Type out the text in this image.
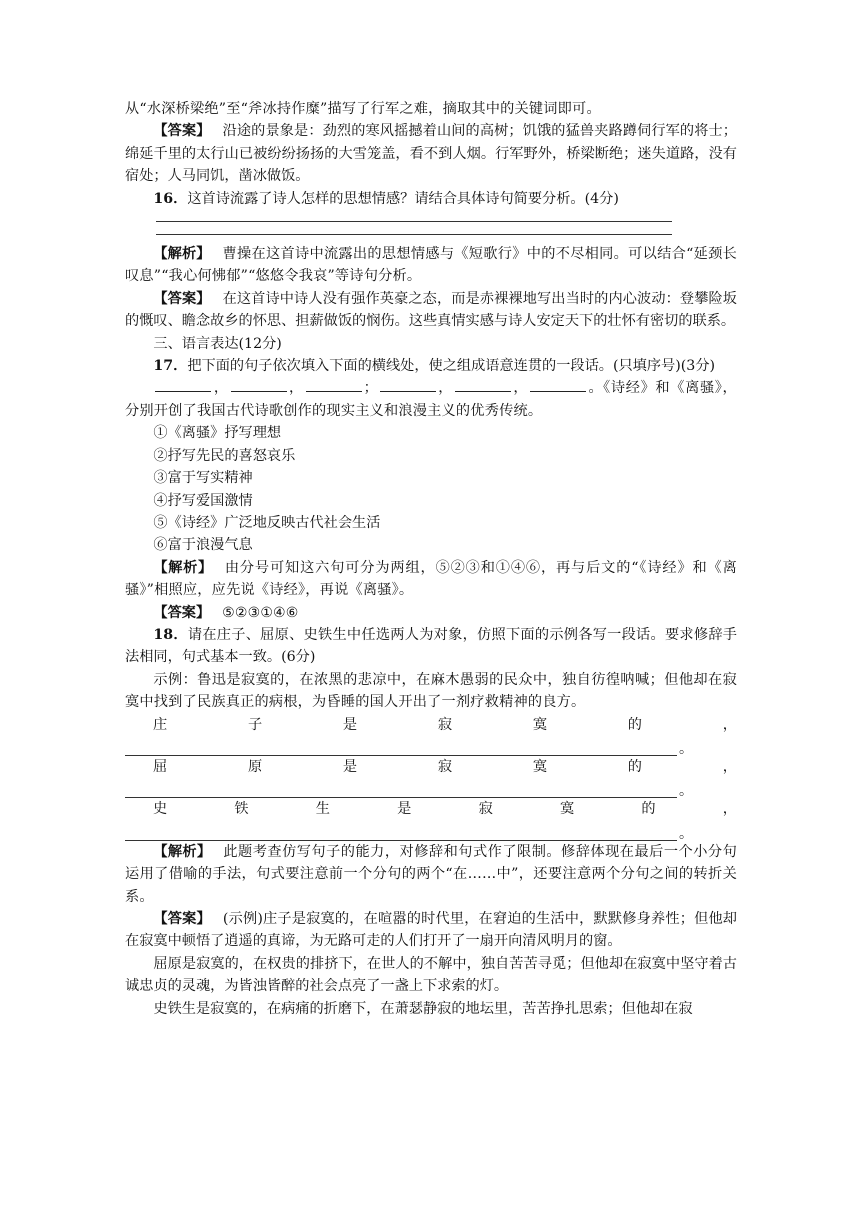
从“水深桥梁绝”至“斧冰持作糜”描写了行军之难，摘取其中的关键词即可。

【答案】 沿途的景象是：劲烈的寒风摇撼着山间的高树；饥饿的猛兽夹路蹲伺行军的将士；绵延千里的太行山已被纷纷扬扬的大雪笼盖，看不到人烟。行军野外，桥梁断绝；迷失道路，没有宿处；人马同饥，凿冰做饭。

16．这首诗流露了诗人怎样的思想情感？请结合具体诗句简要分析。(4分)

【解析】 曹操在这首诗中流露出的思想情感与《短歌行》中的不尽相同。可以结合“延颈长叹息”“我心何怫郁”“悠悠令我哀”等诗句分析。

【答案】 在这首诗中诗人没有强作英豪之态，而是赤裸裸地写出当时的内心波动：登攀险坂的慨叹、瞻念故乡的怀思、担薪做饭的悯伤。这些真情实感与诗人安定天下的壮怀有密切的联系。

三、语言表达(12分)

17．把下面的句子依次填入下面的横线处，使之组成语意连贯的一段话。(只填序号)(3分)

，	，	；	，	，	。《诗经》和《离骚》，分别开创了我国古代诗歌创作的现实主义和浪漫主义的优秀传统。

①《离骚》抒写理想

②抒写先民的喜怒哀乐

③富于写实精神

④抒写爱国激情

⑤《诗经》广泛地反映古代社会生活

⑥富于浪漫气息

【解析】 由分号可知这六句可分为两组，⑤②③和①④⑥，再与后文的“《诗经》和《离骚》”相照应，应先说《诗经》，再说《离骚》。

【答案】 ⑤②③①④⑥

18．请在庄子、屈原、史铁生中任选两人为对象，仿照下面的示例各写一段话。要求修辞手法相同，句式基本一致。(6分)

示例：鲁迅是寂寞的，在浓黑的悲凉中，在麻木愚弱的民众中，独自彷徨呐喊；但他却在寂寞中找到了民族真正的病根，为昏睡的国人开出了一剂疗救精神的良方。

庄	子	是	寂	寞	的	，
。
屈	原	是	寂	寞	的	，
。
史	铁	生	是	寂	寞	的	，
。

【解析】 此题考查仿写句子的能力，对修辞和句式作了限制。修辞体现在最后一个小分句运用了借喻的手法，句式要注意前一个分句的两个“在……中”，还要注意两个分句之间的转折关系。

【答案】 (示例)庄子是寂寞的，在喧嚣的时代里，在窘迫的生活中，默默修身养性；但他却在寂寞中顿悟了逍遥的真谛，为无路可走的人们打开了一扇开向清风明月的窗。

屈原是寂寞的，在权贵的排挤下，在世人的不解中，独自苦苦寻觅；但他却在寂寞中坚守着古诚忠贞的灵魂，为皆浊皆醉的社会点亮了一盏上下求索的灯。

史铁生是寂寞的，在病痛的折磨下，在萧瑟静寂的地坛里，苦苦挣扎思索；但他却在寂
